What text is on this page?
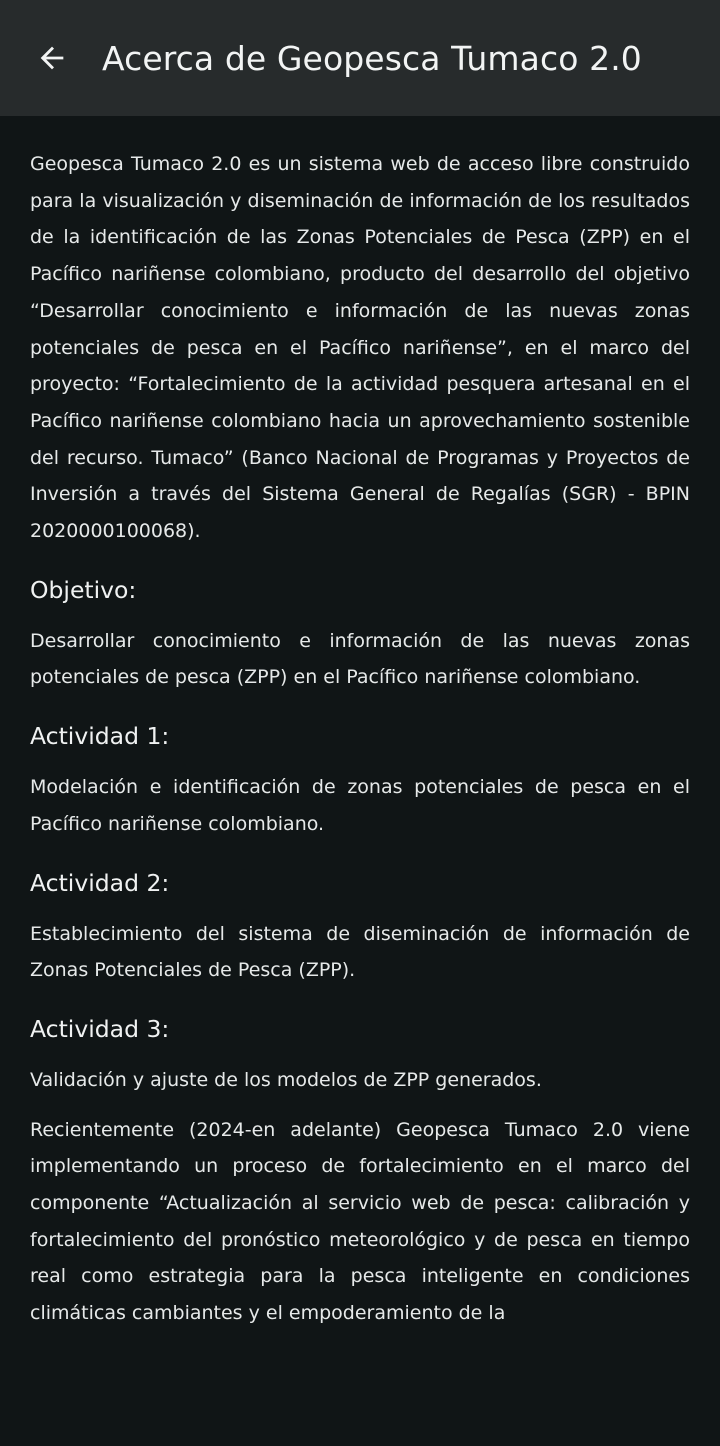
Acerca de Geopesca Tumaco 2.0

Geopesca Tumaco 2.0 es un sistema web de acceso libre construido para la visualización y diseminación de información de los resultados de la identificación de las Zonas Potenciales de Pesca (ZPP) en el Pacífico nariñense colombiano, producto del desarrollo del objetivo “Desarrollar conocimiento e información de las nuevas zonas potenciales de pesca en el Pacífico nariñense”, en el marco del proyecto: “Fortalecimiento de la actividad pesquera artesanal en el Pacífico nariñense colombiano hacia un aprovechamiento sostenible del recurso. Tumaco” (Banco Nacional de Programas y Proyectos de Inversión a través del Sistema General de Regalías (SGR) - BPIN 2020000100068).

Objetivo:

Desarrollar conocimiento e información de las nuevas zonas potenciales de pesca (ZPP) en el Pacífico nariñense colombiano.

Actividad 1:

Modelación e identificación de zonas potenciales de pesca en el Pacífico nariñense colombiano.

Actividad 2:

Establecimiento del sistema de diseminación de información de Zonas Potenciales de Pesca (ZPP).

Actividad 3:

Validación y ajuste de los modelos de ZPP generados.

Recientemente (2024-en adelante) Geopesca Tumaco 2.0 viene implementando un proceso de fortalecimiento en el marco del componente “Actualización al servicio web de pesca: calibración y fortalecimiento del pronóstico meteorológico y de pesca en tiempo real como estrategia para la pesca inteligente en condiciones climáticas cambiantes y el empoderamiento de la
